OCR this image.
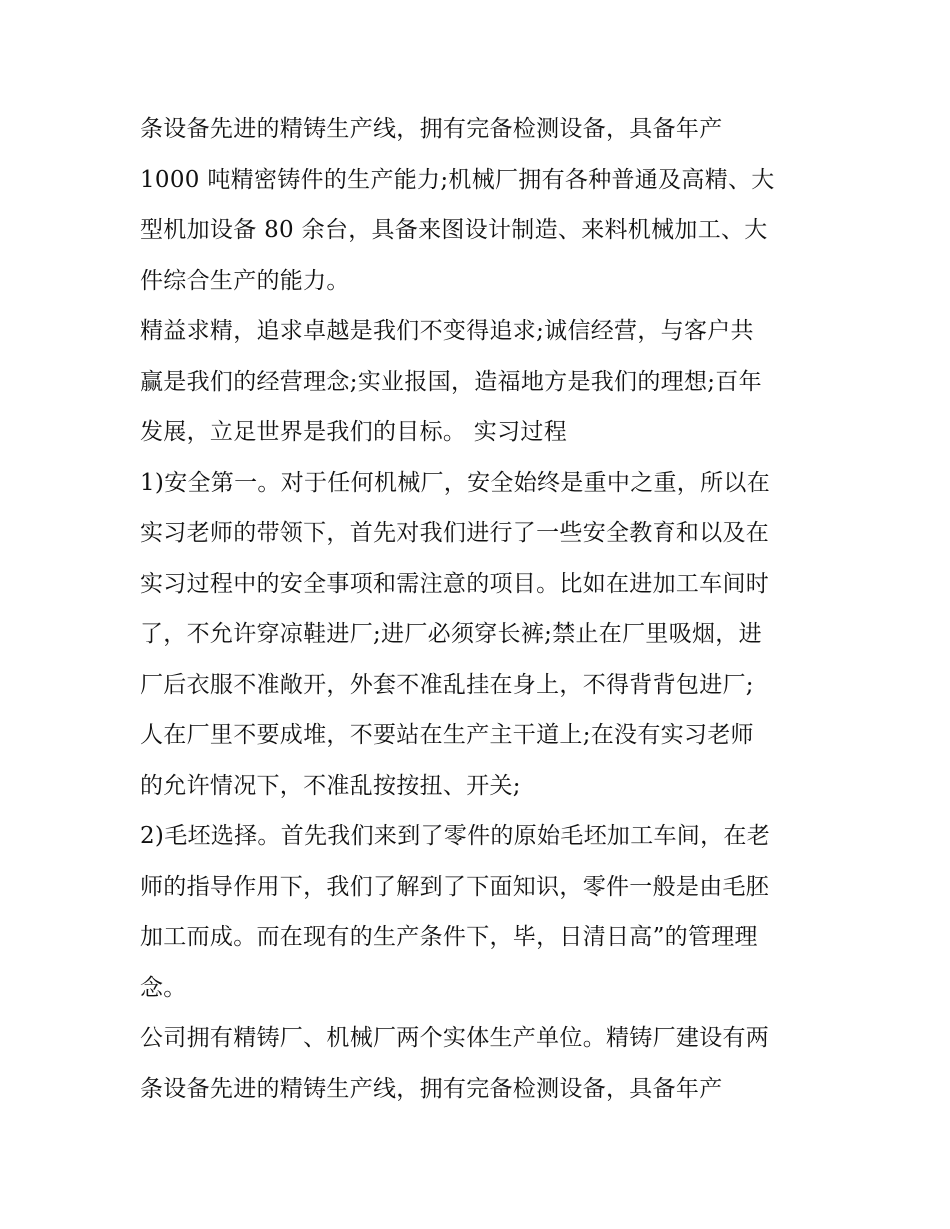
条设备先进的精铸生产线，拥有完备检测设备，具备年产
1000 吨精密铸件的生产能力;机械厂拥有各种普通及高精、大
型机加设备 80 余台，具备来图设计制造、来料机械加工、大
件综合生产的能力。
精益求精，追求卓越是我们不变得追求;诚信经营，与客户共
赢是我们的经营理念;实业报国，造福地方是我们的理想;百年
发展，立足世界是我们的目标。 实习过程
1)安全第一。对于任何机械厂，安全始终是重中之重，所以在
实习老师的带领下，首先对我们进行了一些安全教育和以及在
实习过程中的安全事项和需注意的项目。比如在进加工车间时
了，不允许穿凉鞋进厂;进厂必须穿长裤;禁止在厂里吸烟，进
厂后衣服不准敞开，外套不准乱挂在身上，不得背背包进厂;
人在厂里不要成堆，不要站在生产主干道上;在没有实习老师
的允许情况下，不准乱按按扭、开关;
2)毛坯选择。首先我们来到了零件的原始毛坯加工车间，在老
师的指导作用下，我们了解到了下面知识，零件一般是由毛胚
加工而成。而在现有的生产条件下，毕，日清日高”的管理理
念。
公司拥有精铸厂、机械厂两个实体生产单位。精铸厂建设有两
条设备先进的精铸生产线，拥有完备检测设备，具备年产
